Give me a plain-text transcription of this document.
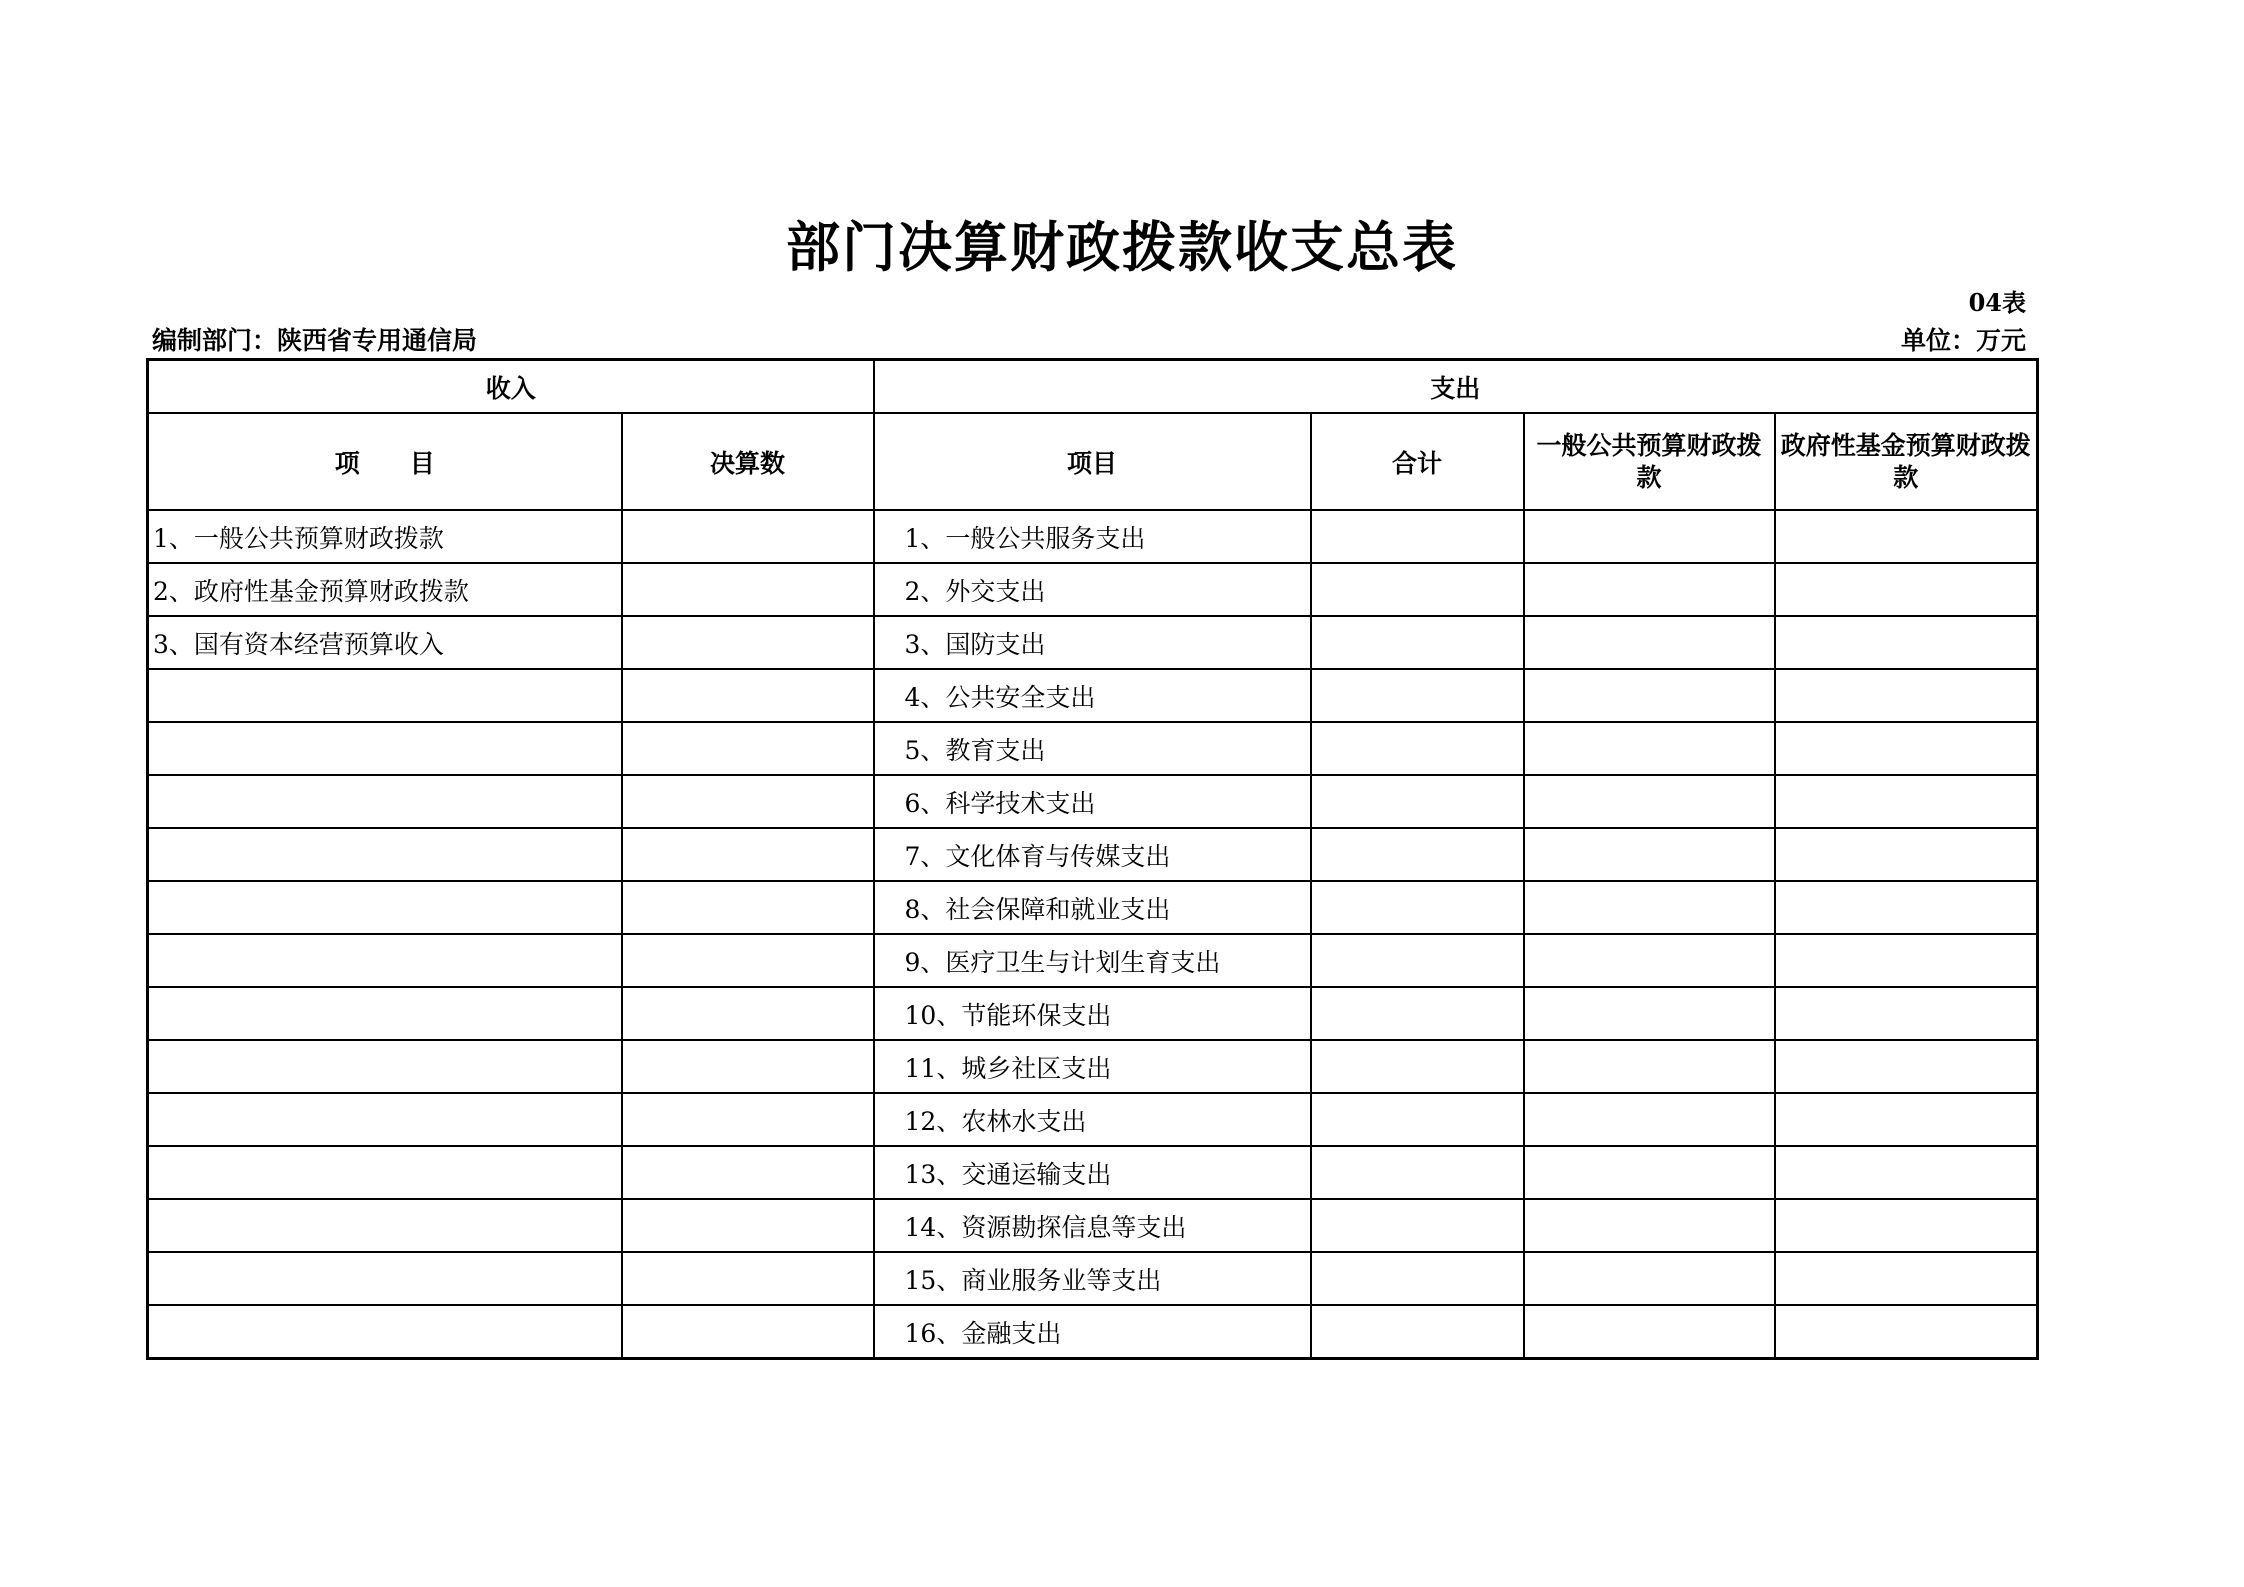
部门决算财政拨款收支总表
04表
编制部门：陕西省专用通信局	单位：万元
收入		支出			
项　　目	决算数	项目	合计	一般公共预算财政拨款	政府性基金预算财政拨款
1、一般公共预算财政拨款		1、一般公共服务支出			
2、政府性基金预算财政拨款		2、外交支出			
3、国有资本经营预算收入		3、国防支出			
		4、公共安全支出			
		5、教育支出			
		6、科学技术支出			
		7、文化体育与传媒支出			
		8、社会保障和就业支出			
		9、医疗卫生与计划生育支出			
		10、节能环保支出			
		11、城乡社区支出			
		12、农林水支出			
		13、交通运输支出			
		14、资源勘探信息等支出			
		15、商业服务业等支出			
		16、金融支出			
